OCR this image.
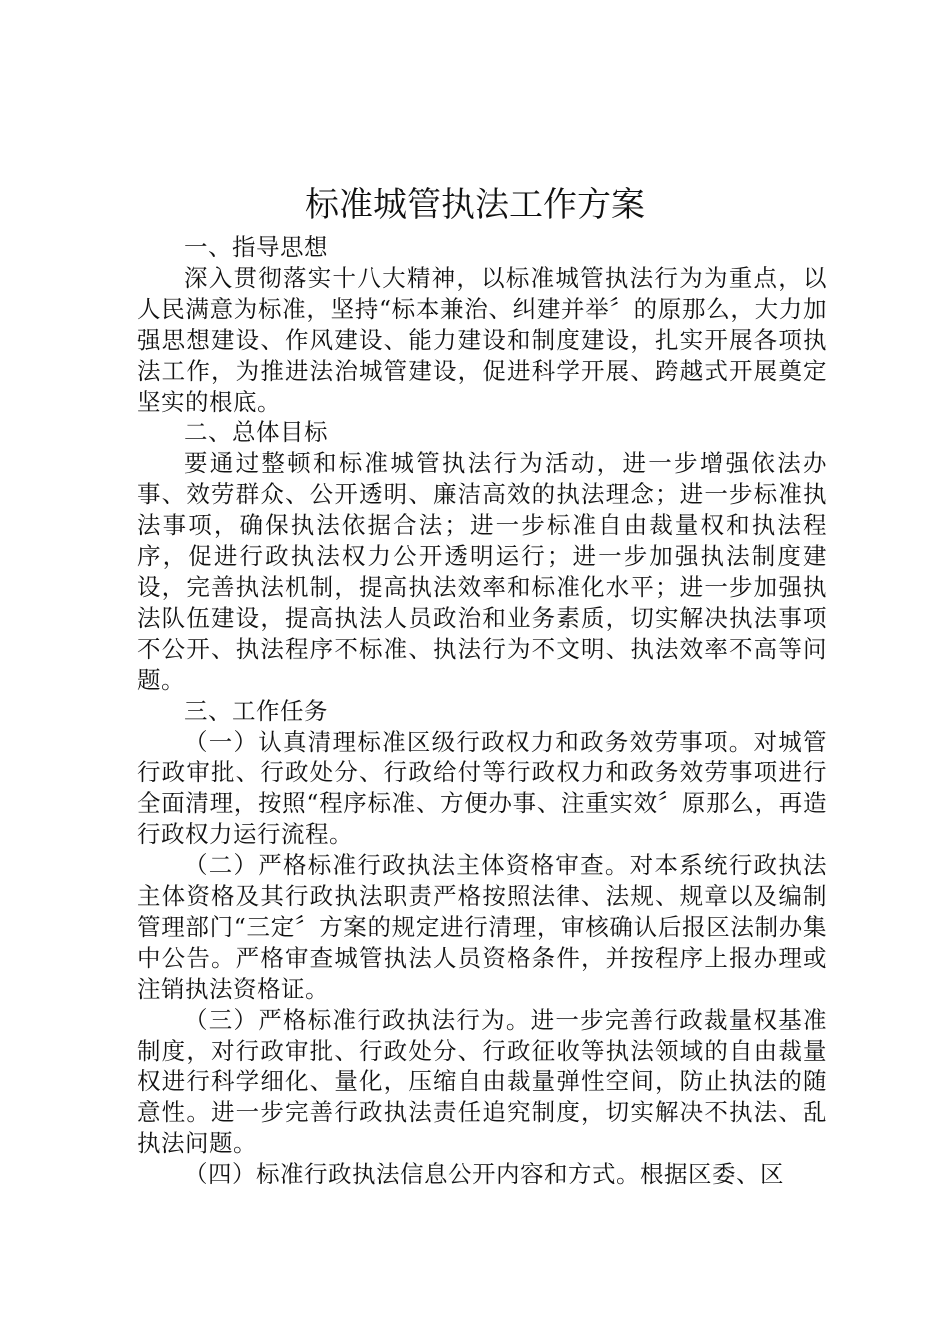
标准城管执法工作方案

一、指导思想

深入贯彻落实十八大精神，以标准城管执法行为为重点，以人民满意为标准，坚持“标本兼治、纠建并举〞的原那么，大力加强思想建设、作风建设、能力建设和制度建设，扎实开展各项执法工作，为推进法治城管建设，促进科学开展、跨越式开展奠定坚实的根底。

二、总体目标

要通过整顿和标准城管执法行为活动，进一步增强依法办事、效劳群众、公开透明、廉洁高效的执法理念；进一步标准执法事项，确保执法依据合法；进一步标准自由裁量权和执法程序，促进行政执法权力公开透明运行；进一步加强执法制度建设，完善执法机制，提高执法效率和标准化水平；进一步加强执法队伍建设，提高执法人员政治和业务素质，切实解决执法事项不公开、执法程序不标准、执法行为不文明、执法效率不高等问题。

三、工作任务

（一）认真清理标准区级行政权力和政务效劳事项。对城管行政审批、行政处分、行政给付等行政权力和政务效劳事项进行全面清理，按照“程序标准、方便办事、注重实效〞原那么，再造行政权力运行流程。

（二）严格标准行政执法主体资格审查。对本系统行政执法主体资格及其行政执法职责严格按照法律、法规、规章以及编制管理部门“三定〞方案的规定进行清理，审核确认后报区法制办集中公告。严格审查城管执法人员资格条件，并按程序上报办理或注销执法资格证。

（三）严格标准行政执法行为。进一步完善行政裁量权基准制度，对行政审批、行政处分、行政征收等执法领域的自由裁量权进行科学细化、量化，压缩自由裁量弹性空间，防止执法的随意性。进一步完善行政执法责任追究制度，切实解决不执法、乱执法问题。

（四）标准行政执法信息公开内容和方式。根据区委、区
